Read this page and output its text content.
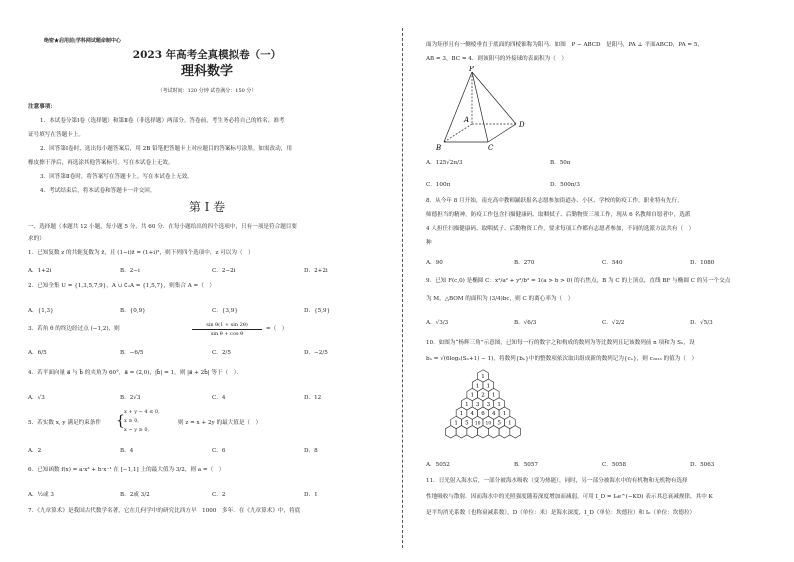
绝密★启用前|学科网试题命制中心
2023 年高考全真模拟卷（一）
理科数学
（考试时间：120 分钟 试卷满分：150 分）
注意事项：
1．本试卷分第Ⅰ卷（选择题）和第Ⅱ卷（非选择题）两部分。答卷前，考生务必将自己的姓名、准考
证号填写在答题卡上。
2．回答第Ⅰ卷时，选出每小题答案后，用 2B 铅笔把答题卡上对应题目的答案标号涂黑。如需改动，用
橡皮擦干净后，再选涂其他答案标号。写在本试卷上无效。
3．回答第Ⅱ卷时，将答案写在答题卡上。写在本试卷上无效。
4．考试结束后，将本试卷和答题卡一并交回。
第 Ⅰ 卷
一、选择题（本题共 12 小题，每小题 5 分，共 60 分．在每小题给出的四个选项中，只有一项是符合题目要
求的）
1．已知复数 z 的共轭复数为 z̄，且 (1−i)z̄ = (1+i)²，则下列四个选项中，z 可以为（　）
A．1+2i	B．2−i	C．2−2i	D．2+2i
2．已知全集 U = {1,3,5,7,9}，A ∪ ∁ᵤA = {1,5,7}，则集合 A =（　）
A．{1,3}	B．{0,9}	C．{3,9}	D．{5,9}
3．若角 θ 的终边经过点 (−1,2)，则
sin θ(1 + sin 2θ)
sin θ + cos θ
=（　）
A．6/5	B．−6/5	C．2/5	D．−2/5
4．若平面向量 a⃗ 与 b⃗ 的夹角为 60°，a⃗ = (2,0)，|b⃗| = 1，则 |a⃗ + 2b⃗| 等于（　）．
A．√3	B．2√3	C．4	D．12
5．若实数 x, y 满足约束条件 {
x + y − 4 ≤ 0,
x ≥ 0,
x − y ≥ 0,
则 z = x + 2y 的最大值是（　）
A．2	B．4	C．6	D．8
6．已知函数 f(x) = a·x³ + b·x⁻¹ 在 [−1,1] 上的最大值为 3/2，则 a =（　）
A．½或 3	B．2或 3/2	C．2	D．1
7．《九章算术》是我国古代数学名著，它在几何学中的研究比西方早　1000　多年．在《九章算术》中，将底
面为矩形且有一侧棱垂直于底面的四棱锥称为阳马．如图　P − ABCD　是阳马，PA ⊥ 平面ABCD，PA = 5，
AB = 3，BC = 4．则该阳马的外接球的表面积为（　）
P
A
B	C
D
A．125√2π/3	B．50π
C．100π	D．500π/3
8．从今年 8 月开始，南充高中教师踊跃报名志愿参加街道办、小区、学校的防疫工作，职业特有先行，
师德担当的精神，防疫工作包含扫描健康码、取咽拭子、后勤物资三项工作，现从 6 名教师自愿者中，选派
4 人担任扫描健康码、取咽拭子、后勤物资工作，要求每项工作都有志愿者参加，不同的选派方法共有（　）
种
A．90	B．270	C．540	D．1080
9．已知 F(c,0) 是椭圆 C：x²/a² + y²/b² = 1(a > b > 0) 的右焦点，B 为 C 的上顶点，直线 BF 与椭圆 C 的另一个交点
为 M，△BOM 的面积为 (3/4)bc，则 C 的离心率为（　）
A．√3/3	B．√6/3	C．√2/2	D．√5/3
10．如图为“杨辉三角”示意图，已知每一行的数字之和构成的数列为等比数列且记该数列前 n 项和为 Sₙ，设
bₙ = √(6log₂(Sₙ+1) − 1)，将数列{bₙ}中的整数项依次取出组成新的数列记为{cₙ}，则 c₂₀₂₃ 的值为（　）
1
1 1
1 2 1
1 3 3 1
1 4 6 4 1
1 5 10 10 5 1
A．5052	B．5057	C．5058	D．5063
11．日光射入海水后，一部分被海水吸收（变为热能），同时，另一部分被海水中的有机物和无机物有选择
性地吸收与散射．因而海水中的光照强度随着深度增加而减弱，可用 I_D = I₀e^(−KD) 表示其总衰减规律，其中 K
是平均消光系数（也称衰减系数），D（单位：米）是海水深度，I_D（单位：坎德拉）和 I₀（单位：坎德拉）
